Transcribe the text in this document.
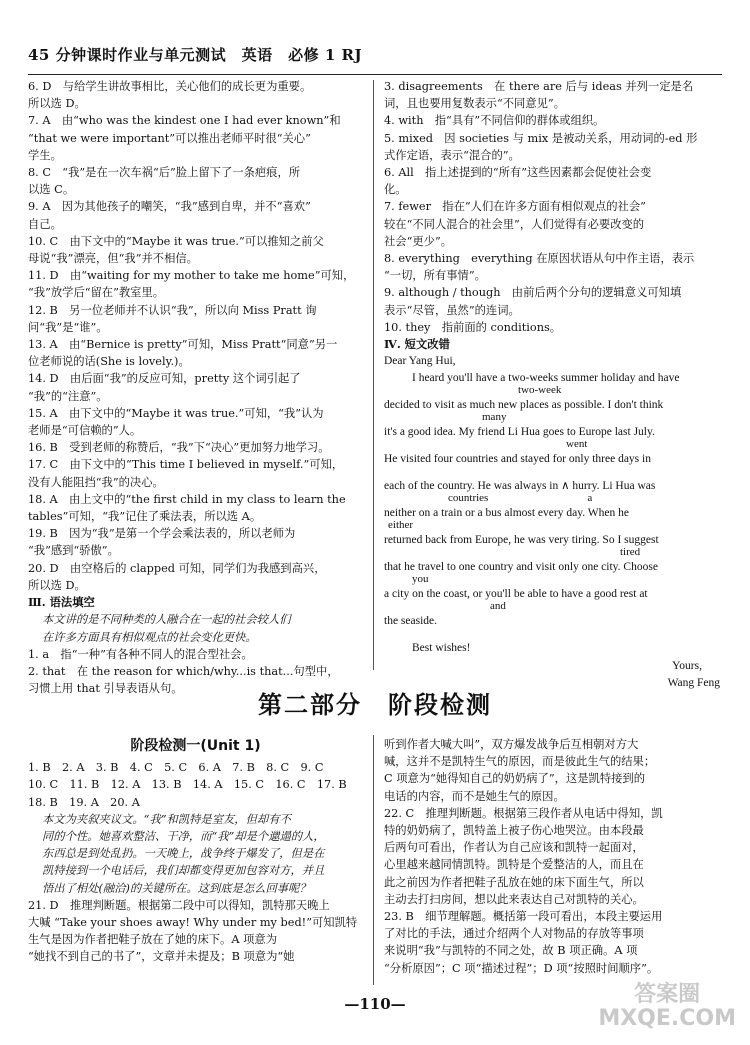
45 分钟课时作业与单元测试　英语　必修 1 RJ

6. D　与给学生讲故事相比，关心他们的成长更为重要。

所以选 D。

7. A　由“who was the kindest one I had ever known”和

“that we were important”可以推出老师平时很“关心”

学生。

8. C　“我”是在一次车祸“后”脸上留下了一条疤痕，所

以选 C。

9. A　因为其他孩子的嘲笑，“我”感到自卑，并不“喜欢”

自己。

10. C　由下文中的“Maybe it was true.”可以推知之前父

母说“我”漂亮，但“我”并不相信。

11. D　由“waiting for my mother to take me home”可知，

“我”放学后“留在”教室里。

12. B　另一位老师并不认识“我”，所以向 Miss Pratt 询

问“我”是“谁”。

13. A　由“Bernice is pretty”可知，Miss Pratt“同意”另一

位老师说的话(She is lovely.)。

14. D　由后面“我”的反应可知，pretty 这个词引起了

“我”的“注意”。

15. A　由下文中的“Maybe it was true.”可知，“我”认为

老师是“可信赖的”人。

16. B　受到老师的称赞后，“我”下“决心”更加努力地学习。

17. C　由下文中的“This time I believed in myself.”可知，

没有人能阻挡“我”的决心。

18. A　由上文中的“the first child in my class to learn the

tables”可知，“我”记住了乘法表，所以选 A。

19. B　因为“我”是第一个学会乘法表的，所以老师为

“我”感到“骄傲”。

20. D　由空格后的 clapped 可知，同学们为我感到高兴，

所以选 D。

Ⅲ. 语法填空

本文讲的是不同种类的人融合在一起的社会较人们

在许多方面具有相似观点的社会变化更快。

1. a　指“一种”有各种不同人的混合型社会。

2. that　在 the reason for which/why...is that...句型中，

习惯上用 that 引导表语从句。

3. disagreements　在 there are 后与 ideas 并列一定是名

词，且也要用复数表示“不同意见”。

4. with　指“具有”不同信仰的群体或组织。

5. mixed　因 societies 与 mix 是被动关系，用动词的-ed 形

式作定语，表示“混合的”。

6. All　指上述提到的“所有”这些因素都会促使社会变

化。

7. fewer　指在“人们在许多方面有相似观点的社会”

较在“不同人混合的社会里”，人们觉得有必要改变的

社会“更少”。

8. everything　everything 在原因状语从句中作主语，表示

“一切，所有事情”。

9. although / though　由前后两个分句的逻辑意义可知填

表示“尽管，虽然”的连词。

10. they　指前面的 conditions。

Ⅳ. 短文改错

Dear Yang Hui,
I heard you'll have a two-weeks summer holiday and have
two-week
decided to visit as much new places as possible. I don't think
many
it's a good idea. My friend Li Hua goes to Europe last July.
went
He visited four countries and stayed for only three days in
each of the country. He was always in ∧ hurry. Li Hua was
countries　　　　　　　　　a
neither on a train or a bus almost every day. When he
either
returned back from Europe, he was very tiring. So I suggest
tired
that he travel to one country and visit only one city. Choose
you
a city on the coast, or you'll be able to have a good rest at
and
the seaside.
Best wishes!
Yours,
Wang Feng
第二部分　阶段检测
阶段检测一(Unit 1)

1. B　2. A　3. B　4. C　5. C　6. A　7. B　8. C　9. C

10. C　11. B　12. A　13. B　14. A　15. C　16. C　17. B

18. B　19. A　20. A

本文为夹叙夹议文。“我”和凯特是室友，但却有不

同的个性。她喜欢整洁、干净，而“我”却是个邋遢的人，

东西总是到处乱扔。一天晚上，战争终于爆发了，但是在

凯特接到一个电话后，我们却都变得更加包容对方，并且

悟出了相处(融洽)的关键所在。这到底是怎么回事呢？

21. D　推理判断题。根据第二段中可以得知，凯特那天晚上

大喊 “Take your shoes away! Why under my bed!”可知凯特

生气是因为作者把鞋子放在了她的床下。A 项意为

“她找不到自己的书了”，文章并未提及；B 项意为“她

听到作者大喊大叫”，双方爆发战争后互相朝对方大

喊，这并不是凯特生气的原因，而是彼此生气的结果；

C 项意为“她得知自己的奶奶病了”，这是凯特接到的

电话的内容，而不是她生气的原因。

22. C　推理判断题。根据第三段作者从电话中得知，凯

特的奶奶病了，凯特盖上被子伤心地哭泣。由本段最

后两句可看出，作者认为自己应该和凯特一起面对，

心里越来越同情凯特。凯特是个爱整洁的人，而且在

此之前因为作者把鞋子乱放在她的床下面生气，所以

主动去打扫房间，想以此来表达自己对凯特的关心。

23. B　细节理解题。概括第一段可看出，本段主要运用

了对比的手法，通过介绍两个人对物品的存放等事项

来说明“我”与凯特的不同之处，故 B 项正确。A 项

“分析原因”；C 项“描述过程”；D 项“按照时间顺序”。

—110—	答案圈
MXQE.COM
